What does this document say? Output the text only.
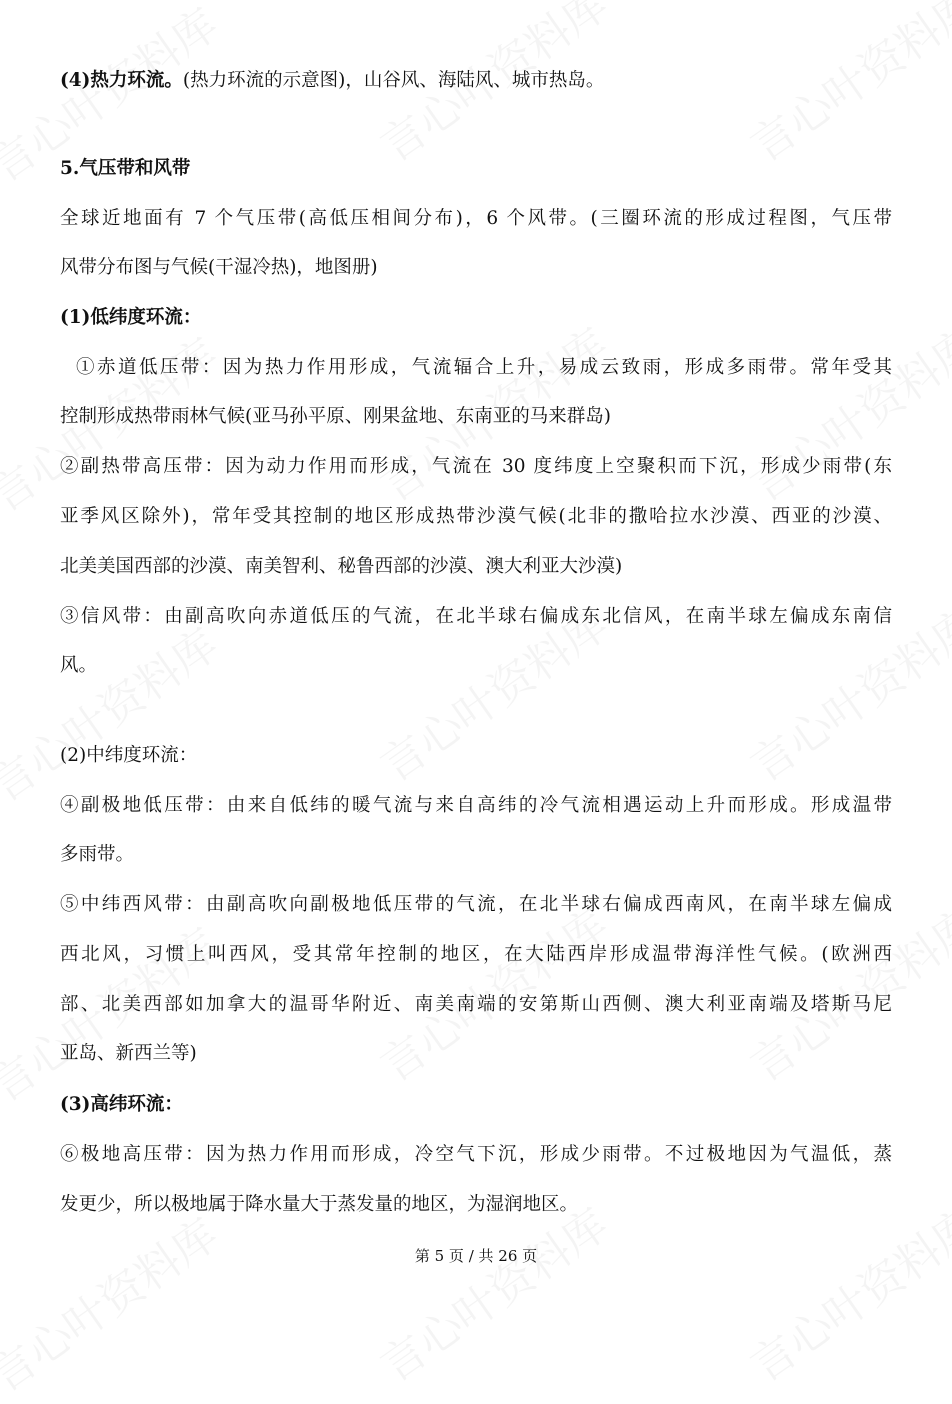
(4)热力环流。(热力环流的示意图)，山谷风、海陆风、城市热岛。
5.气压带和风带
全球近地面有 7 个气压带(高低压相间分布)，6 个风带。(三圈环流的形成过程图，气压带
风带分布图与气候(干湿冷热)，地图册)
(1)低纬度环流：
①赤道低压带：因为热力作用形成，气流辐合上升，易成云致雨，形成多雨带。常年受其
控制形成热带雨林气候(亚马孙平原、刚果盆地、东南亚的马来群岛)
②副热带高压带：因为动力作用而形成，气流在 30 度纬度上空聚积而下沉，形成少雨带(东
亚季风区除外)，常年受其控制的地区形成热带沙漠气候(北非的撒哈拉水沙漠、西亚的沙漠、
北美美国西部的沙漠、南美智利、秘鲁西部的沙漠、澳大利亚大沙漠)
③信风带：由副高吹向赤道低压的气流，在北半球右偏成东北信风，在南半球左偏成东南信
风。
(2)中纬度环流：
④副极地低压带：由来自低纬的暖气流与来自高纬的冷气流相遇运动上升而形成。形成温带
多雨带。
⑤中纬西风带：由副高吹向副极地低压带的气流，在北半球右偏成西南风，在南半球左偏成
西北风，习惯上叫西风，受其常年控制的地区，在大陆西岸形成温带海洋性气候。(欧洲西
部、北美西部如加拿大的温哥华附近、南美南端的安第斯山西侧、澳大利亚南端及塔斯马尼
亚岛、新西兰等)
(3)高纬环流：
⑥极地高压带：因为热力作用而形成，冷空气下沉，形成少雨带。不过极地因为气温低，蒸
发更少，所以极地属于降水量大于蒸发量的地区，为湿润地区。
第 5 页 / 共 26 页
